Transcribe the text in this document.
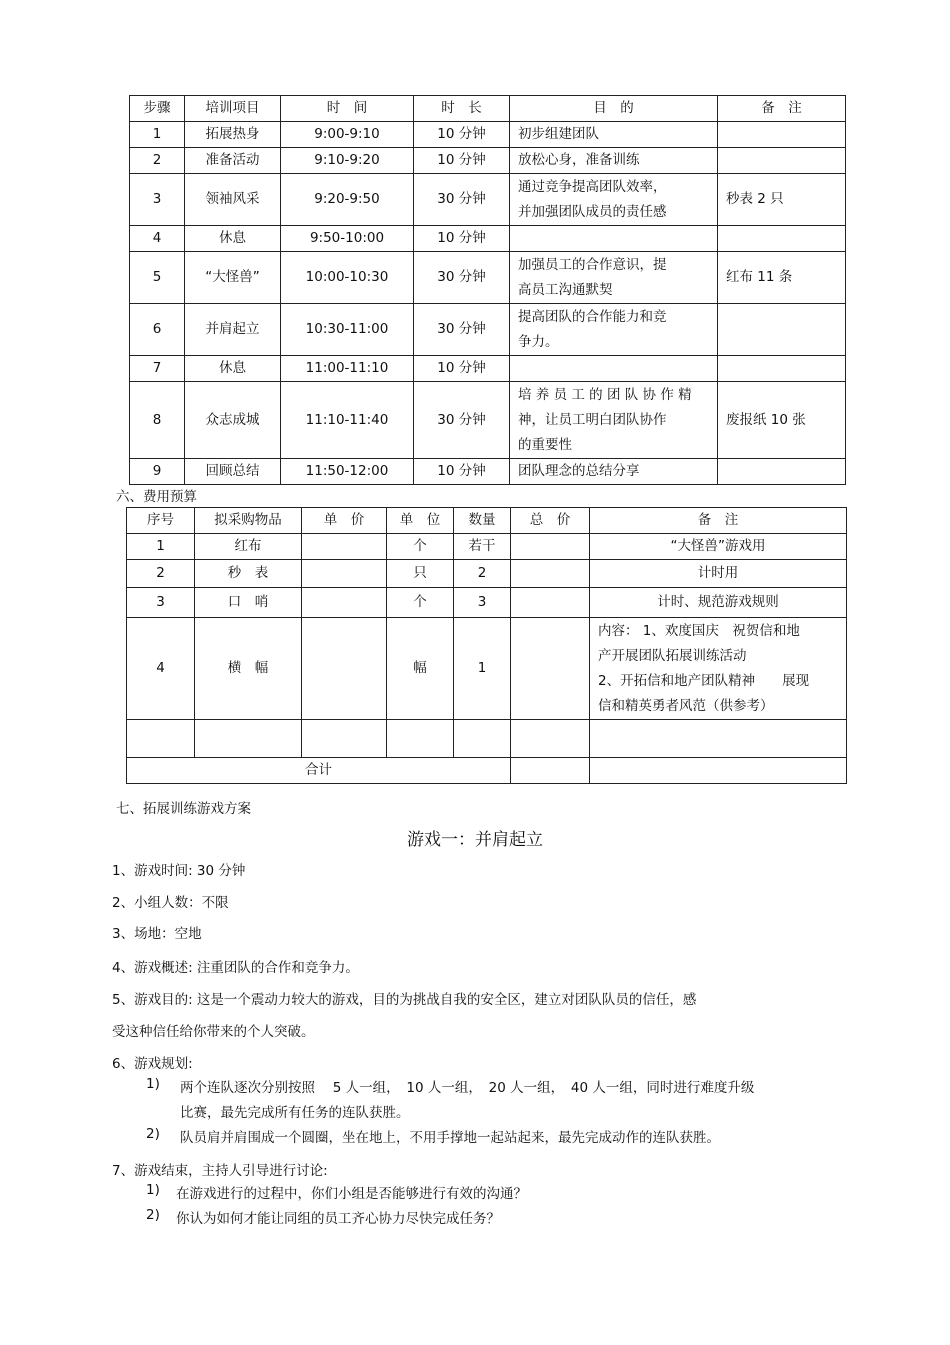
步骤	培训项目	时　间	时　长	目　的	备　注
1	拓展热身	9:00-9:10	10 分钟	初步组建团队	

2	准备活动	9:10-9:20	10 分钟	放松心身，准备训练	

3	领袖风采	9:20-9:50	30 分钟	通过竞争提高团队效率，
并加强团队成员的责任感	秒表 2 只
4	休息	9:50-10:00	10 分钟	

5	“大怪兽”	10:00-10:30	30 分钟	加强员工的合作意识，提
高员工沟通默契	红布 11 条
6	并肩起立	10:30-11:00	30 分钟	提高团队的合作能力和竞
争力。	

7	休息	11:00-11:10	10 分钟	

8	众志成城	11:10-11:40	30 分钟	培 养 员 工 的 团 队 协 作 精
神，让员工明白团队协作
的重要性	废报纸 10 张
9	回顾总结	11:50-12:00	10 分钟	团队理念的总结分享	

六、费用预算
序号	拟采购物品	单　价	单　位	数量	总　价	备　注
1	红布		个	若干		“大怪兽”游戏用

2	秒　表		只	2		计时用

3	口　哨		个	3		计时、规范游戏规则

4	横　幅		幅	1		内容： 1、欢度国庆　祝贺信和地
产开展团队拓展训练活动
2、开拓信和地产团队精神　　展现
信和精英勇者风范（供参考）

合计						
七、拓展训练游戏方案
游戏一：并肩起立
1、游戏时间: 30 分钟
2、小组人数：不限
3、场地：空地
4、游戏概述: 注重团队的合作和竞争力。
5、游戏目的: 这是一个震动力较大的游戏，目的为挑战自我的安全区，建立对团队队员的信任，感
受这种信任给你带来的个人突破。
6、游戏规划:
1) 两个连队逐次分别按照　 5 人一组，　10 人一组，　20 人一组，　40 人一组，同时进行难度升级
比赛，最先完成所有任务的连队获胜。
2) 队员肩并肩围成一个圆圈，坐在地上，不用手撑地一起站起来，最先完成动作的连队获胜。
7、游戏结束，主持人引导进行讨论:
1) 在游戏进行的过程中，你们小组是否能够进行有效的沟通？
2) 你认为如何才能让同组的员工齐心协力尽快完成任务？
